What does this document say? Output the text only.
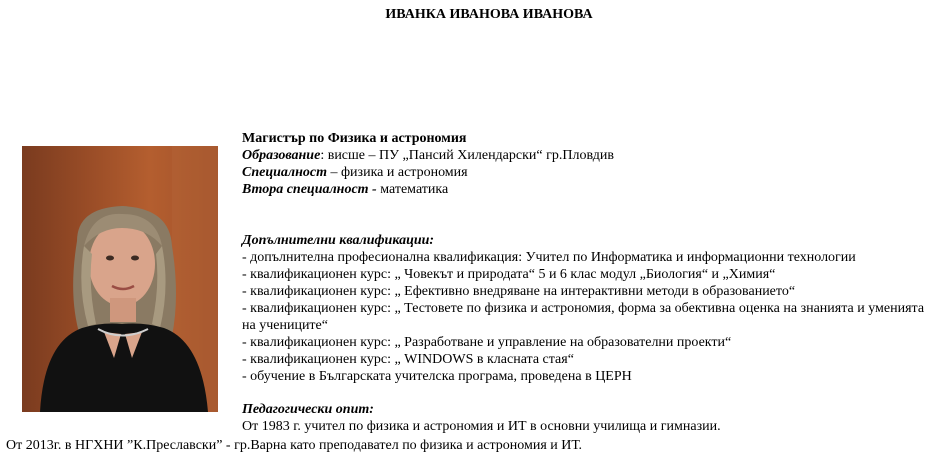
ИВАНКА ИВАНОВА ИВАНОВА
Магистър по Физика и астрономия
Образование: висше – ПУ „Пансий Хилендарски“ гр.Пловдив
Специалност – физика и астрономия
Втора специалност - математика
Допълнителни квалификации:
- допълнителна професионална квалификация: Учител по Информатика и информационни технологии
- квалификационен курс: „ Човекът и природата“ 5 и 6 клас модул „Биология“ и „Химия“
- квалификационен курс: „ Ефективно внедряване на интерактивни методи в образованието“
- квалификационен курс: „ Тестовете по физика и астрономия, форма за обективна оценка на знанията и уменията на учениците“
- квалификационен курс: „ Разработване и управление на образователни проекти“
- квалификационен курс: „ WINDOWS в класната стая“
- обучение в Българската учителска програма, проведена в ЦЕРН
Педагогически опит:
От 1983 г. учител по физика и астрономия и ИТ в основни училища и гимназии.
От 2013г. в НГХНИ ”К.Преславски” - гр.Варна като преподавател по физика и астрономия и ИТ.
